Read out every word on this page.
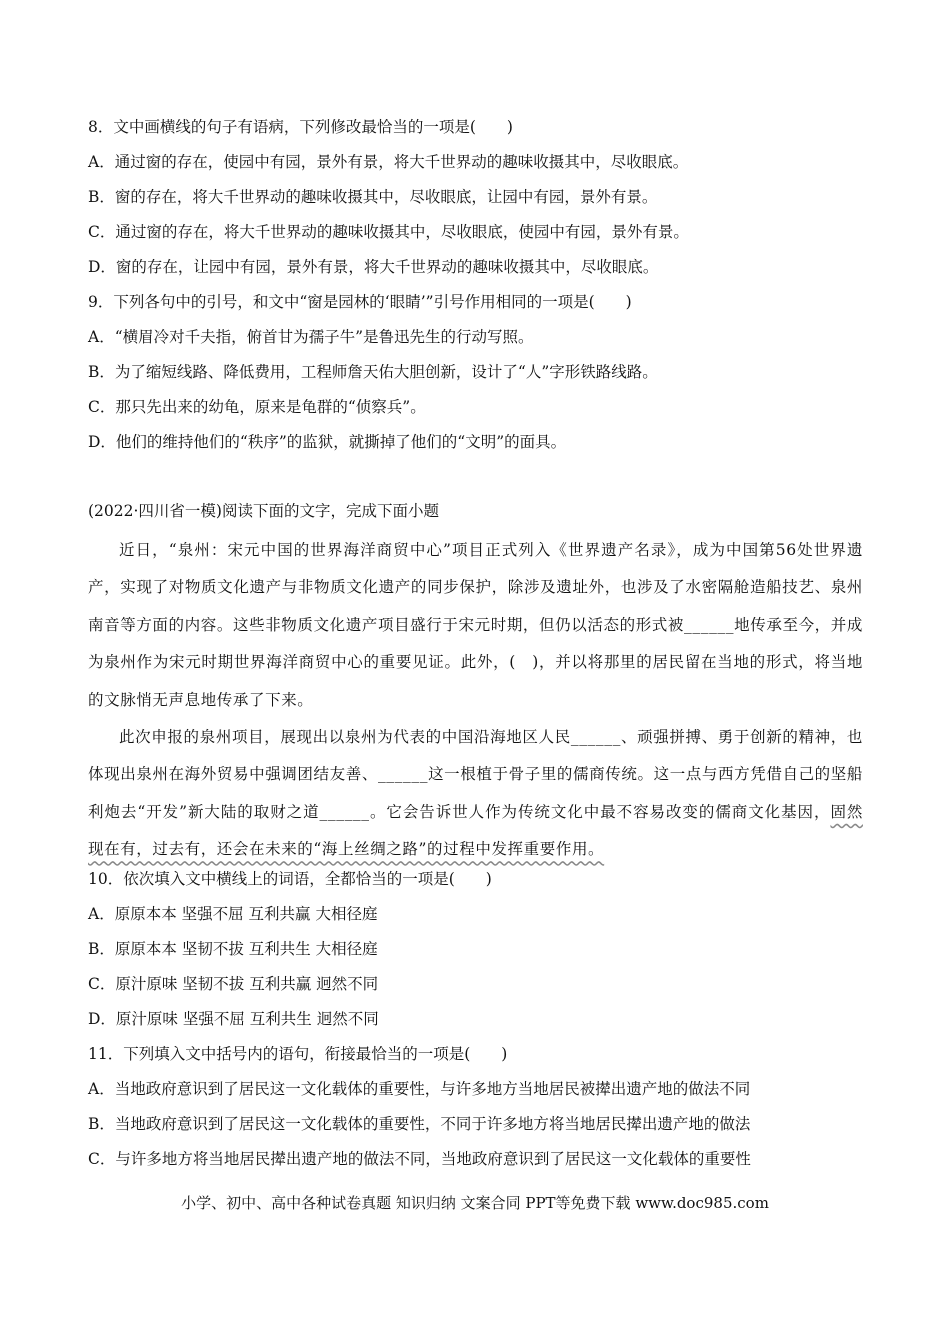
8．文中画横线的句子有语病，下列修改最恰当的一项是(　　)
A．通过窗的存在，使园中有园，景外有景，将大千世界动的趣味收摄其中，尽收眼底。
B．窗的存在，将大千世界动的趣味收摄其中，尽收眼底，让园中有园，景外有景。
C．通过窗的存在，将大千世界动的趣味收摄其中，尽收眼底，使园中有园，景外有景。
D．窗的存在，让园中有园，景外有景，将大千世界动的趣味收摄其中，尽收眼底。
9．下列各句中的引号，和文中“窗是园林的‘眼睛’”引号作用相同的一项是(　　)
A．“横眉冷对千夫指，俯首甘为孺子牛”是鲁迅先生的行动写照。
B．为了缩短线路、降低费用，工程师詹天佑大胆创新，设计了“人”字形铁路线路。
C．那只先出来的幼龟，原来是龟群的“侦察兵”。
D．他们的维持他们的“秩序”的监狱，就撕掉了他们的“文明”的面具。
(2022·四川省一模)阅读下面的文字，完成下面小题

近日，“泉州：宋元中国的世界海洋商贸中心”项目正式列入《世界遗产名录》，成为中国第56处世界遗产，实现了对物质文化遗产与非物质文化遗产的同步保护，除涉及遗址外，也涉及了水密隔舱造船技艺、泉州南音等方面的内容。这些非物质文化遗产项目盛行于宋元时期，但仍以活态的形式被______地传承至今，并成为泉州作为宋元时期世界海洋商贸中心的重要见证。此外，(　)，并以将那里的居民留在当地的形式，将当地的文脉悄无声息地传承了下来。

此次申报的泉州项目，展现出以泉州为代表的中国沿海地区人民______、顽强拼搏、勇于创新的精神，也体现出泉州在海外贸易中强调团结友善、______这一根植于骨子里的儒商传统。这一点与西方凭借自己的坚船利炮去“开发”新大陆的取财之道______。它会告诉世人作为传统文化中最不容易改变的儒商文化基因，固然现在有，过去有，还会在未来的“海上丝绸之路”的过程中发挥重要作用。

10．依次填入文中横线上的词语，全都恰当的一项是(　　)
A．原原本本 坚强不屈 互利共赢 大相径庭
B．原原本本 坚韧不拔 互利共生 大相径庭
C．原汁原味 坚韧不拔 互利共赢 迥然不同
D．原汁原味 坚强不屈 互利共生 迥然不同
11．下列填入文中括号内的语句，衔接最恰当的一项是(　　)
A．当地政府意识到了居民这一文化载体的重要性，与许多地方当地居民被撵出遗产地的做法不同
B．当地政府意识到了居民这一文化载体的重要性，不同于许多地方将当地居民撵出遗产地的做法
C．与许多地方将当地居民撵出遗产地的做法不同，当地政府意识到了居民这一文化载体的重要性
小学、初中、高中各种试卷真题 知识归纳 文案合同 PPT等免费下载 www.doc985.com
